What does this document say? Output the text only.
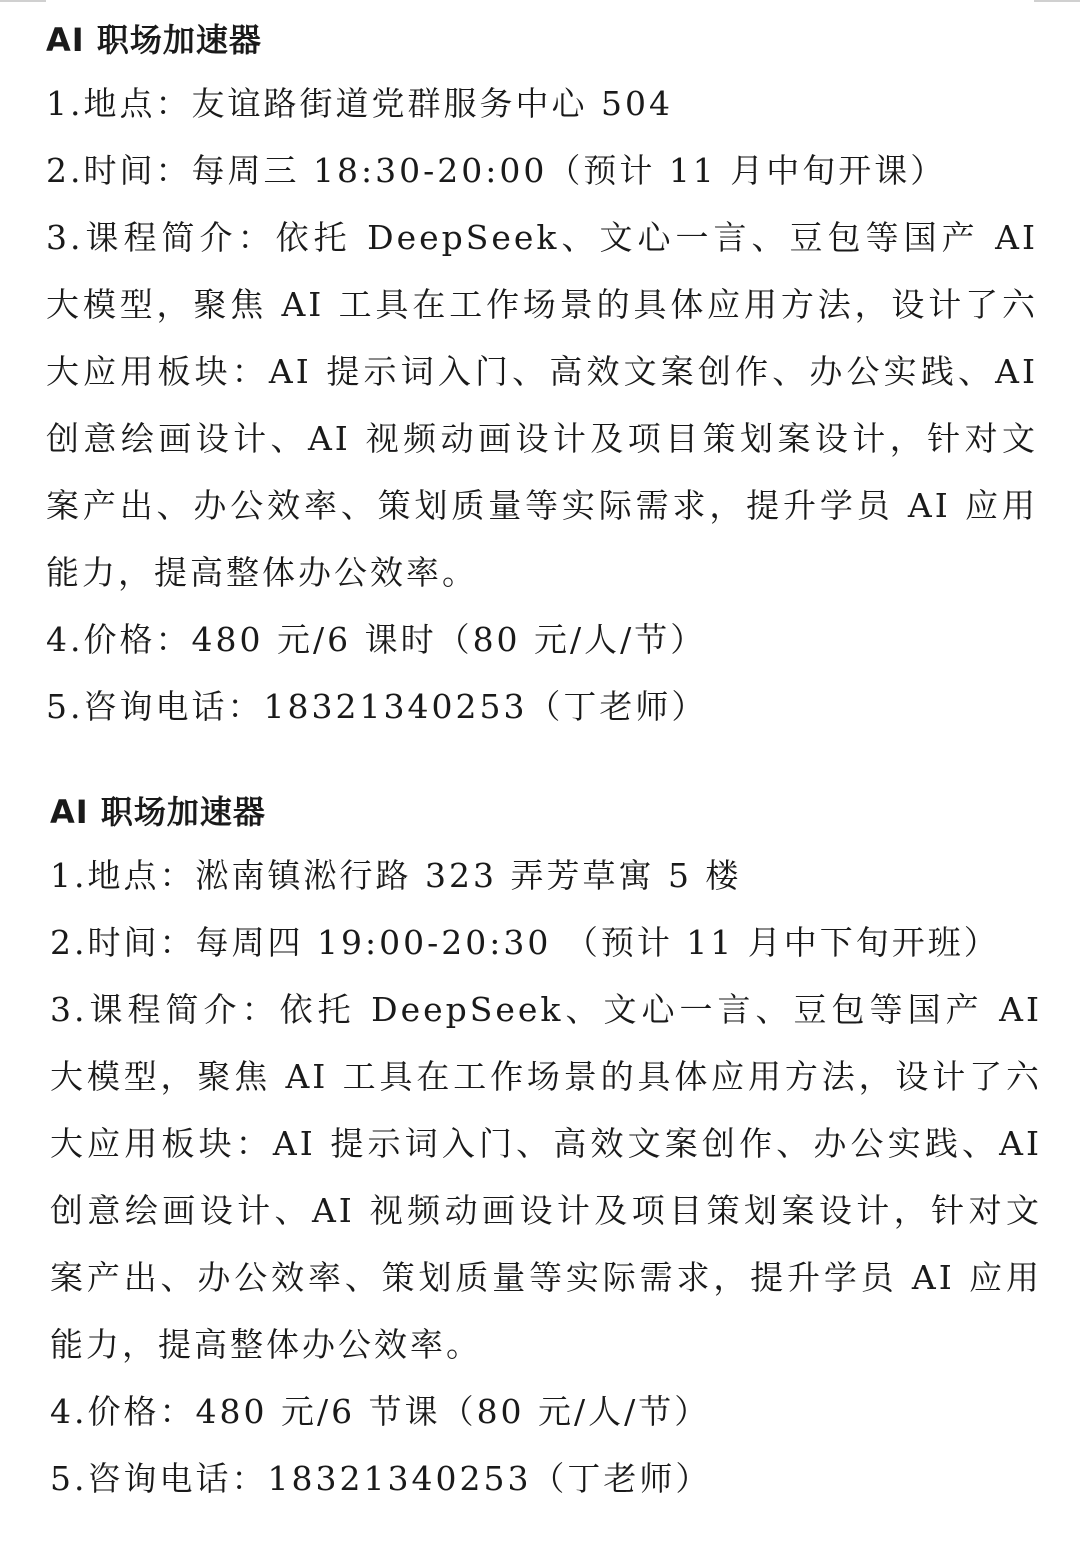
AI 职场加速器

1.地点：友谊路街道党群服务中心 504

2.时间：每周三 18:30-20:00（预计 11 月中旬开课）

3.课程简介：依托 DeepSeek、文心一言、豆包等国产 AI 大模型，聚焦 AI 工具在工作场景的具体应用方法，设计了六大应用板块：AI 提示词入门、高效文案创作、办公实践、AI 创意绘画设计、AI 视频动画设计及项目策划案设计，针对文案产出、办公效率、策划质量等实际需求，提升学员 AI 应用能力，提高整体办公效率。

4.价格：480 元/6 课时（80 元/人/节）

5.咨询电话：18321340253（丁老师）

AI 职场加速器

1.地点：淞南镇淞行路 323 弄芳草寓 5 楼

2.时间：每周四 19:00-20:30 （预计 11 月中下旬开班）

3.课程简介：依托 DeepSeek、文心一言、豆包等国产 AI 大模型，聚焦 AI 工具在工作场景的具体应用方法，设计了六大应用板块：AI 提示词入门、高效文案创作、办公实践、AI 创意绘画设计、AI 视频动画设计及项目策划案设计，针对文案产出、办公效率、策划质量等实际需求，提升学员 AI 应用能力，提高整体办公效率。

4.价格：480 元/6 节课（80 元/人/节）

5.咨询电话：18321340253（丁老师）
